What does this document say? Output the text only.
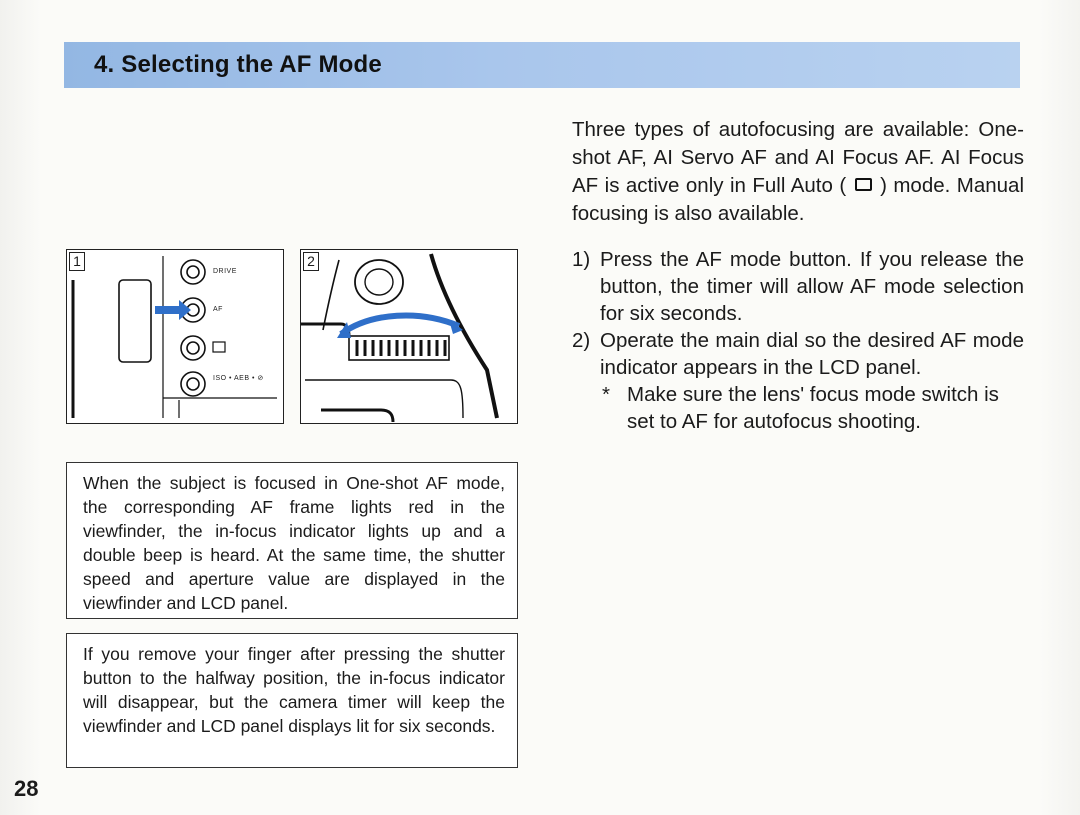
4. Selecting the AF Mode
1
DRIVE
AF
ISO • AEB • ⊘
2
When the subject is focused in One-shot AF mode, the corresponding AF frame lights red in the viewfinder, the in-focus indicator lights up and a double beep is heard. At the same time, the shutter speed and aperture value are displayed in the viewfinder and LCD panel.
If you remove your finger after pressing the shutter button to the halfway position, the in-focus indicator will disappear, but the camera timer will keep the viewfinder and LCD panel displays lit for six seconds.
Three types of autofocusing are available: One-shot AF, AI Servo AF and AI Focus AF. AI Focus AF is active only in Full Auto ( ) mode. Manual focusing is also available.
1) Press the AF mode button. If you release the button, the timer will allow AF mode selection for six seconds.
2) Operate the main dial so the desired AF mode indicator appears in the LCD panel.
* Make sure the lens' focus mode switch is set to AF for autofocus shooting.
28
